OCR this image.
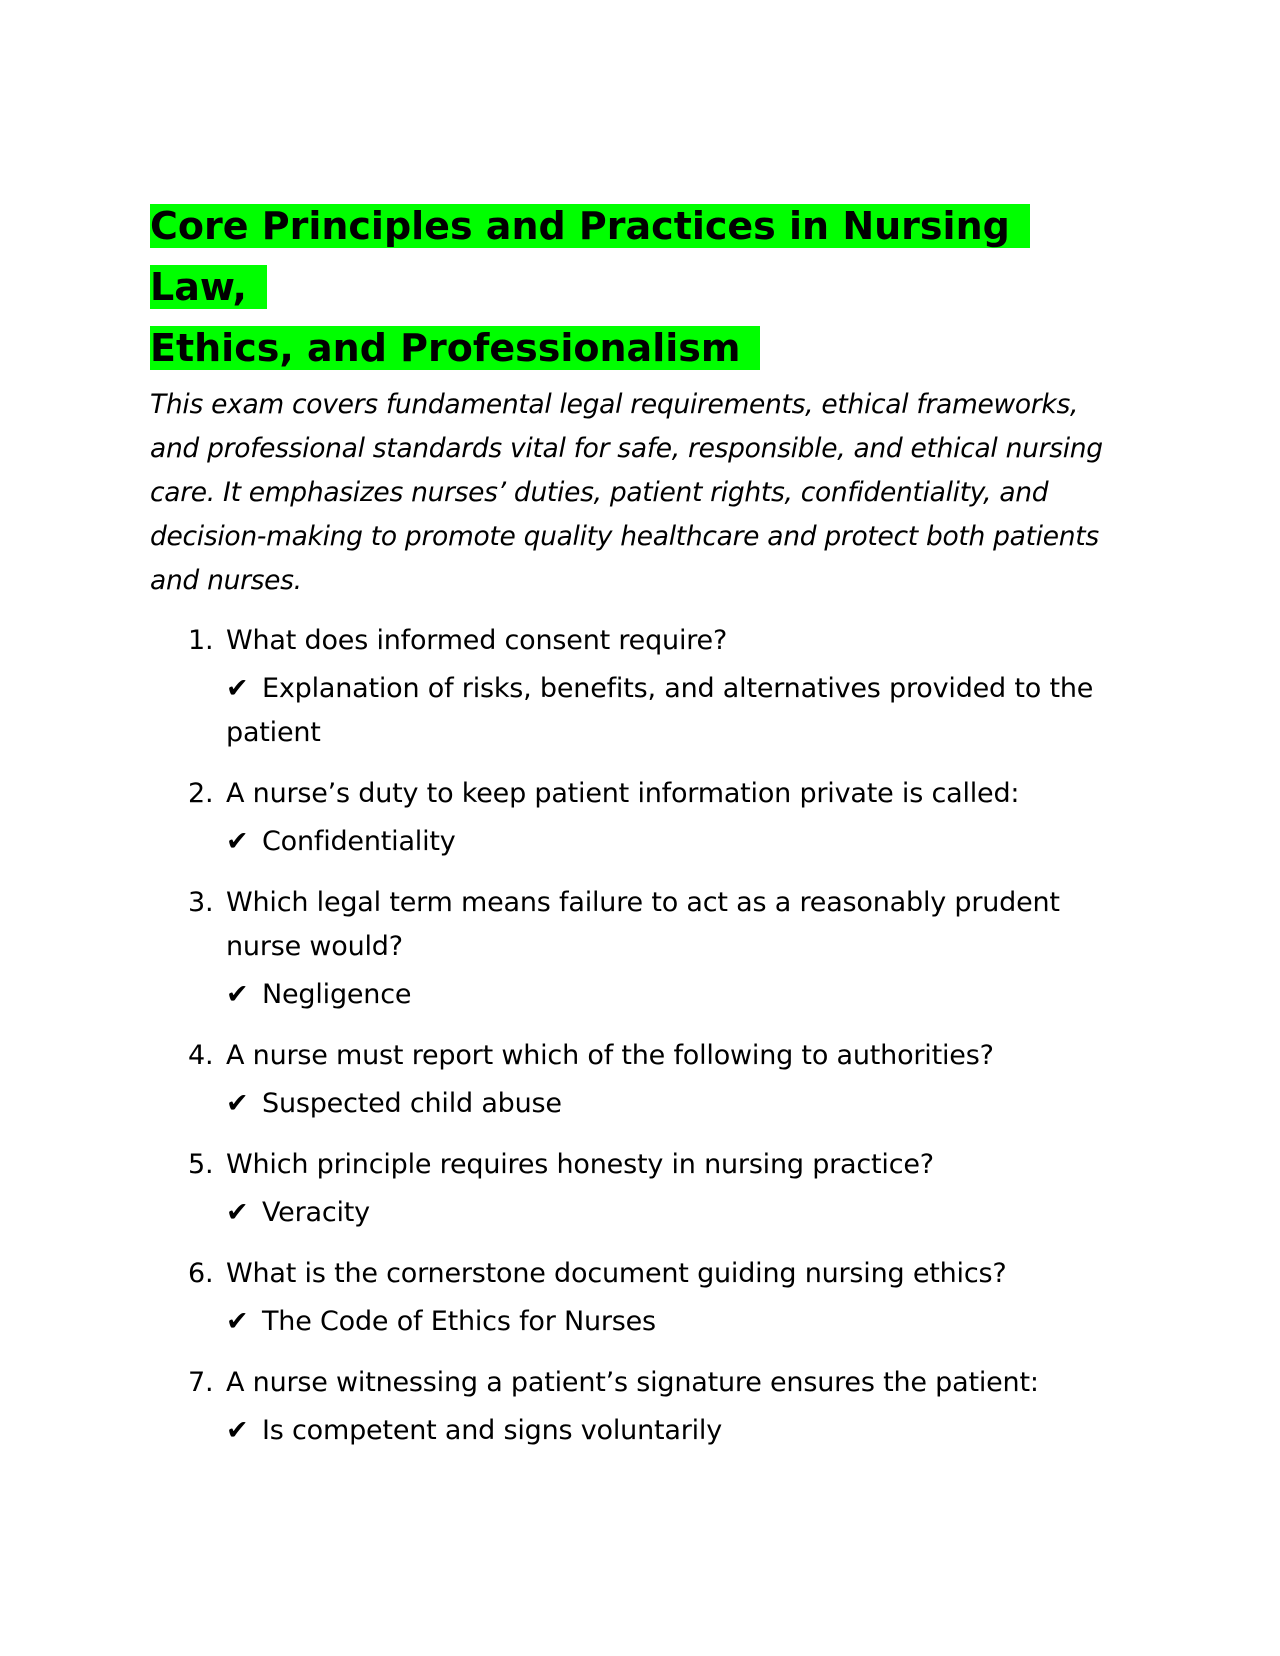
Core Principles and Practices in Nursing Law,
Ethics, and Professionalism

This exam covers fundamental legal requirements, ethical frameworks, and professional standards vital for safe, responsible, and ethical nursing care. It emphasizes nurses’ duties, patient rights, confidentiality, and decision-making to promote quality healthcare and protect both patients and nurses.

1. What does informed consent require?
✔ Explanation of risks, benefits, and alternatives provided to the patient
2. A nurse’s duty to keep patient information private is called:
✔ Confidentiality
3. Which legal term means failure to act as a reasonably prudent nurse would?
✔ Negligence
4. A nurse must report which of the following to authorities?
✔ Suspected child abuse
5. Which principle requires honesty in nursing practice?
✔ Veracity
6. What is the cornerstone document guiding nursing ethics?
✔ The Code of Ethics for Nurses
7. A nurse witnessing a patient’s signature ensures the patient:
✔ Is competent and signs voluntarily
